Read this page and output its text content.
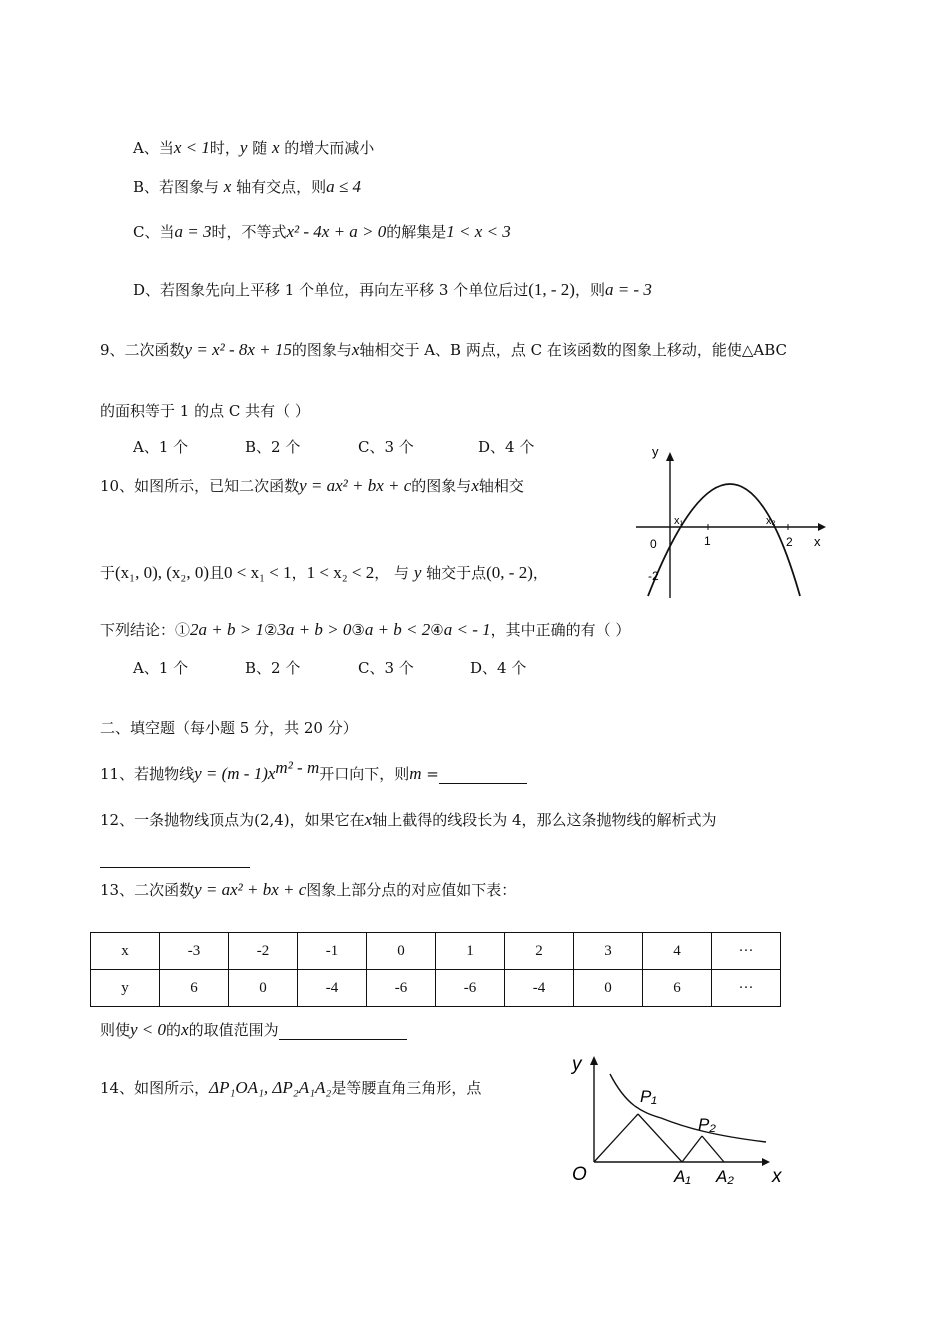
A、当x < 1时，y 随 x 的增大而减小
B、若图象与 x 轴有交点，则a ≤ 4
C、当a = 3时，不等式x² - 4x + a > 0的解集是1 < x < 3
D、若图象先向上平移 1 个单位，再向左平移 3 个单位后过(1, - 2)，则a = - 3
9、二次函数y = x² - 8x + 15的图象与x轴相交于 A、B 两点，点 C 在该函数的图象上移动，能使△ABC
的面积等于 1 的点 C 共有（ ）
A、1 个	B、2 个	C、3 个	D、4 个
10、如图所示，已知二次函数y = ax² + bx + c的图象与x轴相交
于(x₁, 0), (x₂, 0)且0 < x₁ < 1，1 < x₂ < 2， 与 y 轴交于点(0, - 2)，
下列结论：①2a + b > 1②3a + b > 0③a + b < 2④a < - 1，其中正确的有（ ）
A、1 个	B、2 个	C、3 个	D、4 个
y
x
0	1	2
-2
x₁	x₂
二、填空题（每小题 5 分，共 20 分）
11、若抛物线$y = (m - 1)x^{m^2 - m}$开口向下，则m =
12、一条抛物线顶点为(2,4)，如果它在x轴上截得的线段长为 4，那么这条抛物线的解析式为
13、二次函数y = ax² + bx + c图象上部分点的对应值如下表：
x	-3	-2	-1	0	1	2	3	4	···
y	6	0	-4	-6	-6	-4	0	6	···
则使y < 0的x的取值范围为
14、如图所示，ΔP₁OA₁, ΔP₂A₁A₂是等腰直角三角形，点
y
x
O
P₁
P₂
A₁ A₂
